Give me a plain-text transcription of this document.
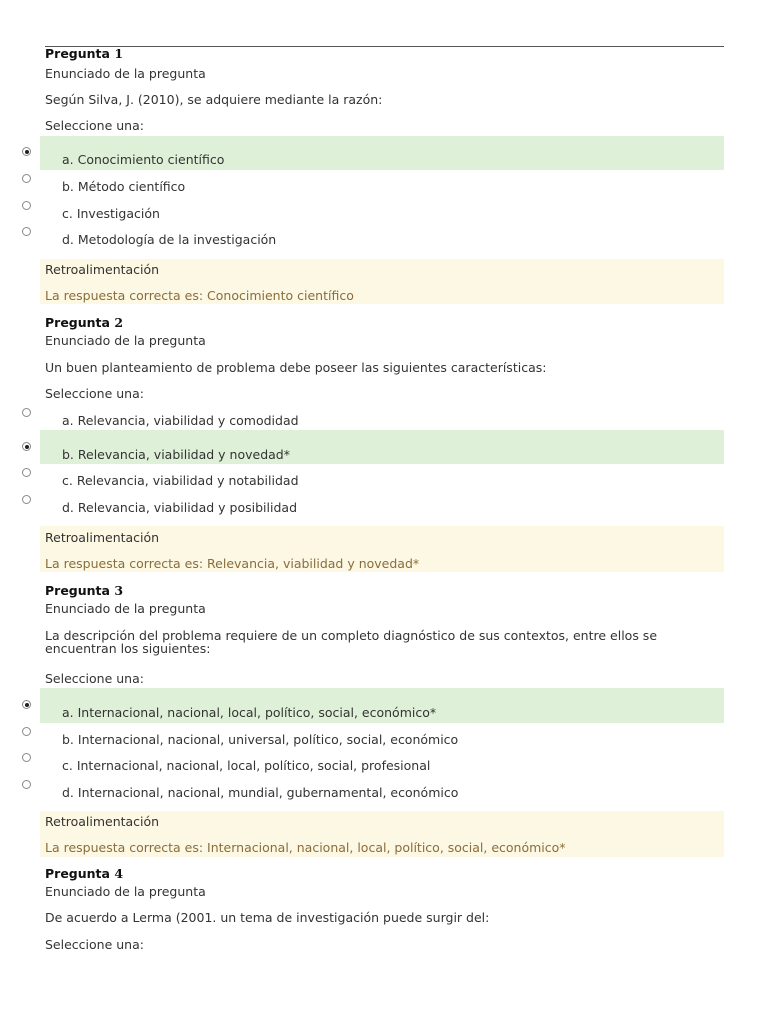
Pregunta 1
Enunciado de la pregunta
Según Silva, J. (2010), se adquiere mediante la razón:
Seleccione una:
a. Conocimiento científico
b. Método científico
c. Investigación
d. Metodología de la investigación
Retroalimentación
La respuesta correcta es: Conocimiento científico
Pregunta 2
Enunciado de la pregunta
Un buen planteamiento de problema debe poseer las siguientes características:
Seleccione una:
a. Relevancia, viabilidad y comodidad
b. Relevancia, viabilidad y novedad*
c. Relevancia, viabilidad y notabilidad
d. Relevancia, viabilidad y posibilidad
Retroalimentación
La respuesta correcta es: Relevancia, viabilidad y novedad*
Pregunta 3
Enunciado de la pregunta
La descripción del problema requiere de un completo diagnóstico de sus contextos, entre ellos se encuentran los siguientes:
Seleccione una:
a. Internacional, nacional, local, político, social, económico*
b. Internacional, nacional, universal, político, social, económico
c. Internacional, nacional, local, político, social, profesional
d. Internacional, nacional, mundial, gubernamental, económico
Retroalimentación
La respuesta correcta es: Internacional, nacional, local, político, social, económico*
Pregunta 4
Enunciado de la pregunta
De acuerdo a Lerma (2001. un tema de investigación puede surgir del:
Seleccione una:
